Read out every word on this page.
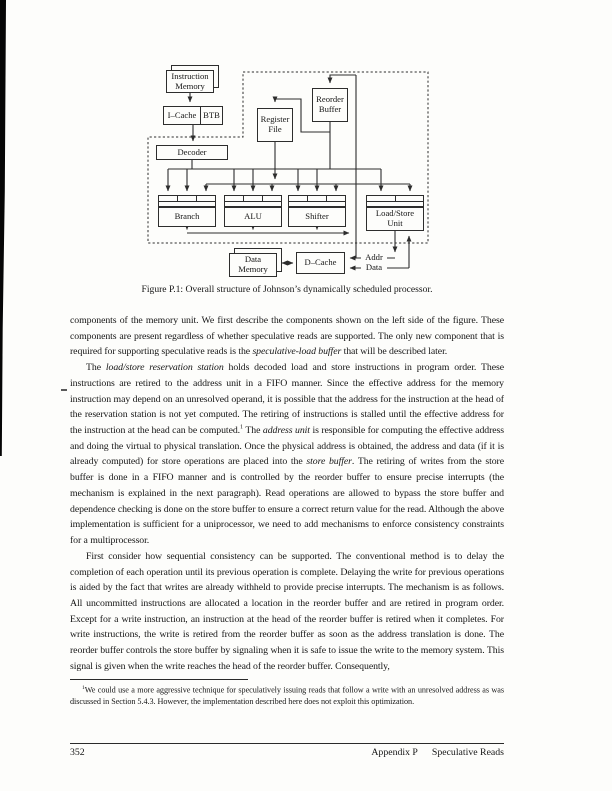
Instruction
Memory
I–Cache BTB
Decoder
Register
File
Reorder
Buffer
Branch	ALU	Shifter	Load/Store
Unit
Data
Memory
D–Cache
Addr
Data
Figure P.1: Overall structure of Johnson’s dynamically scheduled processor.

components of the memory unit. We first describe the components shown on the left side of the figure. These components are present regardless of whether speculative reads are supported. The only new component that is required for supporting speculative reads is the speculative-load buffer that will be described later.

The load/store reservation station holds decoded load and store instructions in program order. These instructions are retired to the address unit in a FIFO manner. Since the effective address for the memory instruction may depend on an unresolved operand, it is possible that the address for the instruction at the head of the reservation station is not yet computed. The retiring of instructions is stalled until the effective address for the instruction at the head can be computed.$^1$ The address unit is responsible for computing the effective address and doing the virtual to physical translation. Once the physical address is obtained, the address and data (if it is already computed) for store operations are placed into the store buffer. The retiring of writes from the store buffer is done in a FIFO manner and is controlled by the reorder buffer to ensure precise interrupts (the mechanism is explained in the next paragraph). Read operations are allowed to bypass the store buffer and dependence checking is done on the store buffer to ensure a correct return value for the read. Although the above implementation is sufficient for a uniprocessor, we need to add mechanisms to enforce consistency constraints for a multiprocessor.

First consider how sequential consistency can be supported. The conventional method is to delay the completion of each operation until its previous operation is complete. Delaying the write for previous operations is aided by the fact that writes are already withheld to provide precise interrupts. The mechanism is as follows. All uncommitted instructions are allocated a location in the reorder buffer and are retired in program order. Except for a write instruction, an instruction at the head of the reorder buffer is retired when it completes. For write instructions, the write is retired from the reorder buffer as soon as the address translation is done. The reorder buffer controls the store buffer by signaling when it is safe to issue the write to the memory system. This signal is given when the write reaches the head of the reorder buffer. Consequently,

$^1$We could use a more aggressive technique for speculatively issuing reads that follow a write with an unresolved address as was discussed in Section 5.4.3. However, the implementation described here does not exploit this optimization.
352	Appendix P Speculative Reads
